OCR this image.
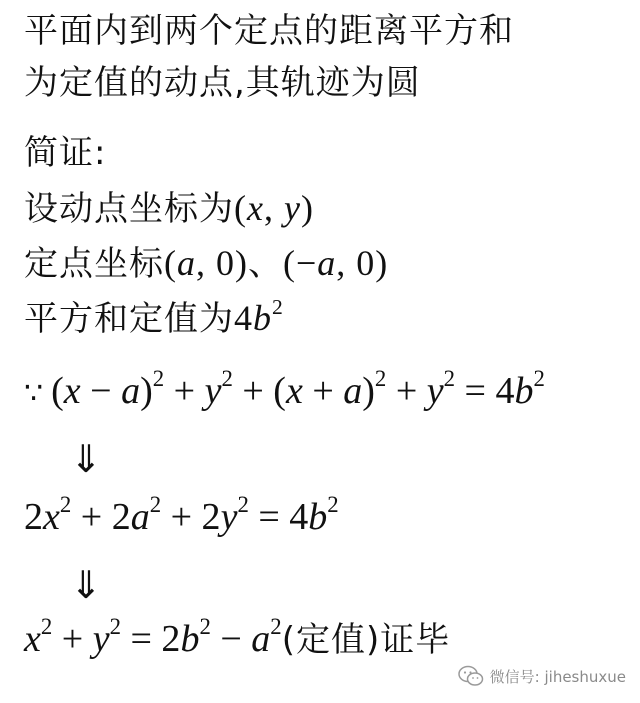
平面内到两个定点的距离平方和
为定值的动点,其轨迹为圆
简证:
设动点坐标为(x, y)
定点坐标(a, 0)、(−a, 0)
平方和定值为$4b^2$
∵ $(x - a)^2 + y^2 + (x + a)^2 + y^2 = 4b^2$
⇓
$2x^2 + 2a^2 + 2y^2 = 4b^2$
⇓
$x^2 + y^2 = 2b^2 - a^2$(定值)证毕
微信号: jiheshuxue
